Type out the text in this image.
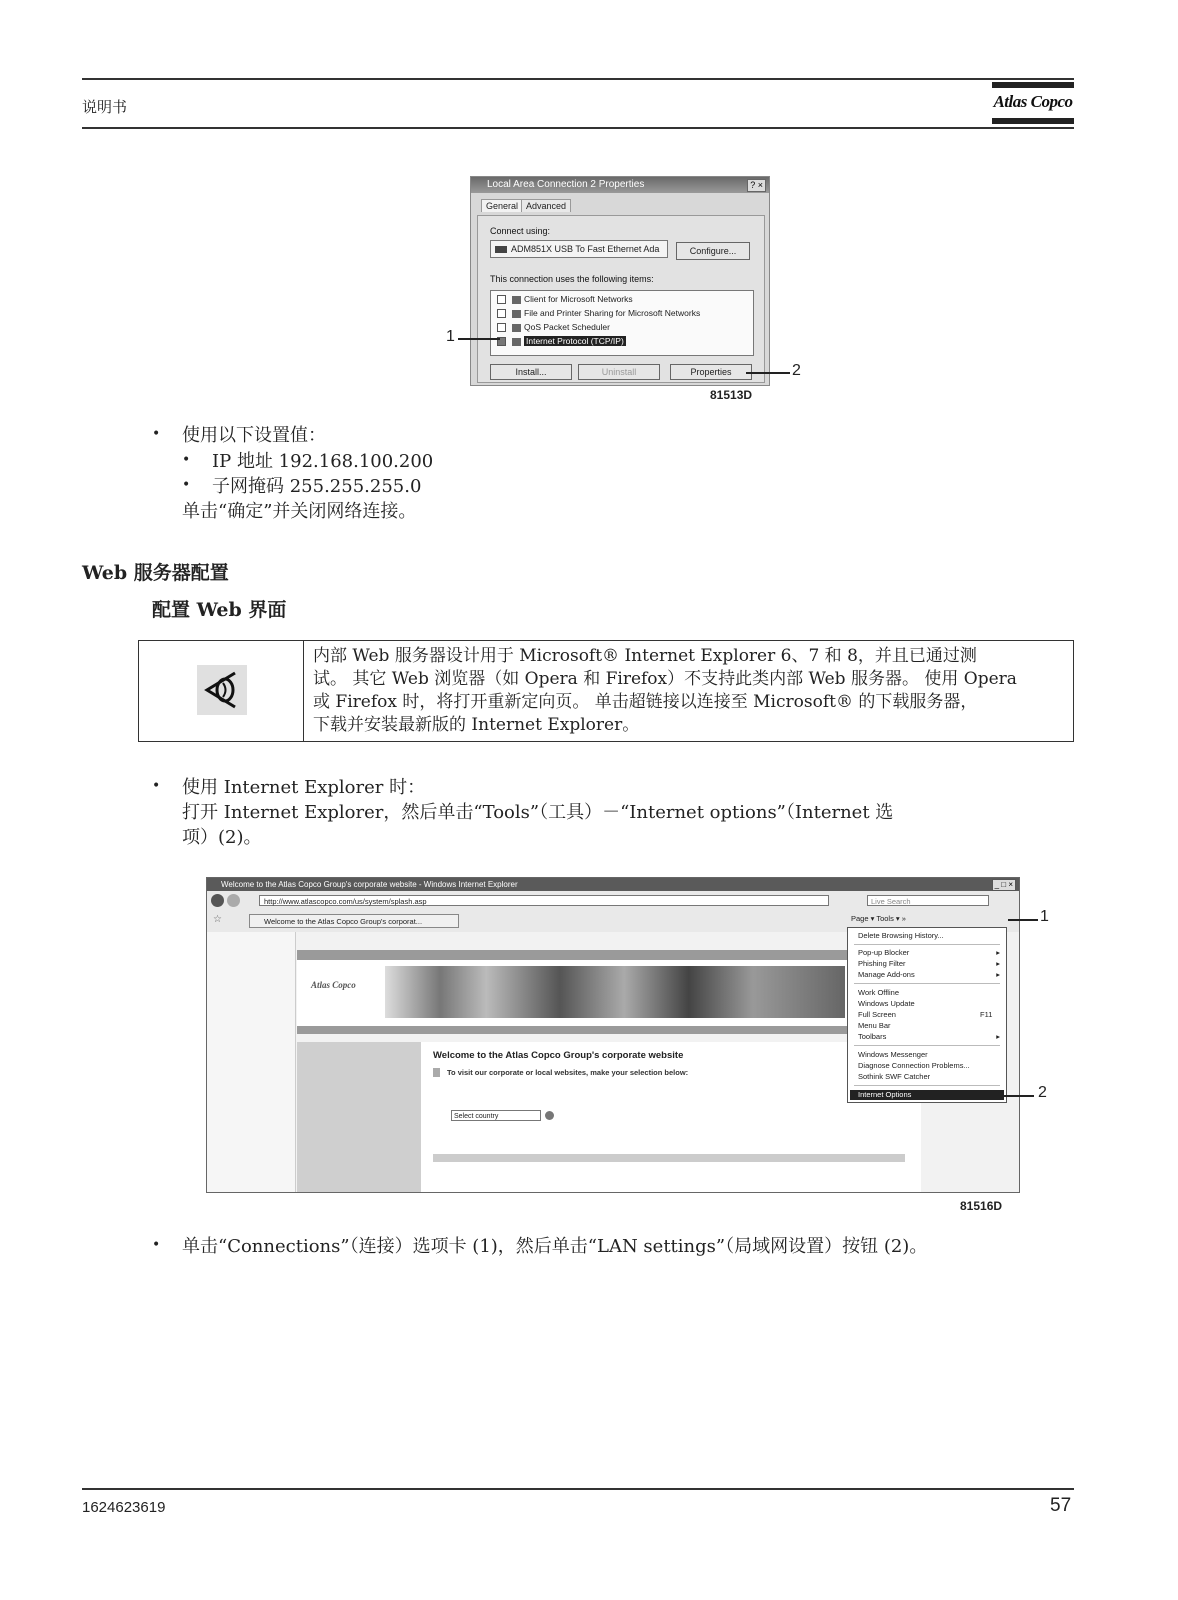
说明书	Atlas Copco
Local Area Connection 2 Properties	? ×
General Advanced
Connect using:
ADM851X USB To Fast Ethernet Ada	Configure...
This connection uses the following items:
Client for Microsoft Networks
File and Printer Sharing for Microsoft Networks
QoS Packet Scheduler
Internet Protocol (TCP/IP)
Install...	Uninstall	Properties
1
2
81513D
• 使用以下设置值：
• IP 地址 192.168.100.200
• 子网掩码 255.255.255.0
单击“确定”并关闭网络连接。
Web 服务器配置
配置 Web 界面
内部 Web 服务器设计用于 Microsoft® Internet Explorer 6、7 和 8，并且已通过测
试。 其它 Web 浏览器（如 Opera 和 Firefox）不支持此类内部 Web 服务器。 使用 Opera
或 Firefox 时，将打开重新定向页。 单击超链接以连接至 Microsoft® 的下载服务器，
下载并安装最新版的 Internet Explorer。
• 使用 Internet Explorer 时：
打开 Internet Explorer，然后单击“Tools”（工具）－“Internet options”（Internet 选
项）(2)。
Welcome to the Atlas Copco Group's corporate website - Windows Internet Explorer	_ □ ×
http://www.atlascopco.com/us/system/splash.asp	Live Search
☆	Welcome to the Atlas Copco Group's corporat...	Page ▾ Tools ▾ »
Atlas Copco
Welcome to the Atlas Copco Group's corporate website
To visit our corporate or local websites, make your selection below:
Select country
Delete Browsing History...
Pop-up Blocker	▸
Phishing Filter	▸
Manage Add-ons	▸
Work Offline
Windows Update
Full Screen	F11
Menu Bar
Toolbars	▸
Windows Messenger
Diagnose Connection Problems...
Sothink SWF Catcher
Internet Options
1
2
81516D
• 单击“Connections”（连接）选项卡 (1)，然后单击“LAN settings”（局域网设置）按钮 (2)。
1624623619	57
